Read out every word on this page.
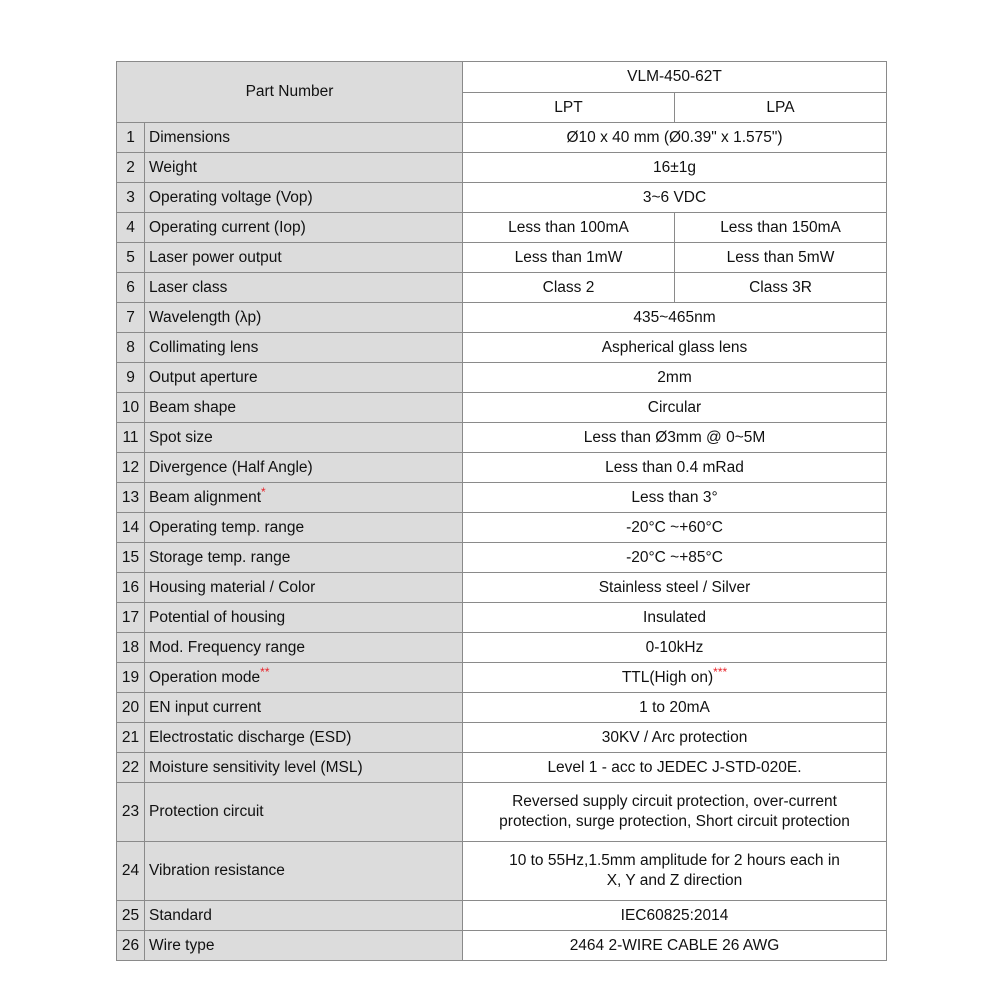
Part Number		VLM-450-62T	
		LPT	LPA
1	Dimensions	Ø10 x 40 mm (Ø0.39" x 1.575")	
2	Weight	16±1g	
3	Operating voltage (Vop)	3~6 VDC	
4	Operating current (Iop)	Less than 100mA	Less than 150mA
5	Laser power output	Less than 1mW	Less than 5mW
6	Laser class	Class 2	Class 3R
7	Wavelength (λp)	435~465nm	
8	Collimating lens	Aspherical glass lens	
9	Output aperture	2mm	
10	Beam shape	Circular	
11	Spot size	Less than Ø3mm @ 0~5M	
12	Divergence (Half Angle)	Less than 0.4 mRad	
13	Beam alignment*	Less than 3°	
14	Operating temp. range	-20°C ~+60°C	
15	Storage temp. range	-20°C ~+85°C	
16	Housing material / Color	Stainless steel / Silver	
17	Potential of housing	Insulated	
18	Mod. Frequency range	0-10kHz	
19	Operation mode**	TTL(High on)***
20	EN input current	1 to 20mA	
21	Electrostatic discharge (ESD)	30KV / Arc protection	
22	Moisture sensitivity level (MSL)	Level 1 - acc to JEDEC J-STD-020E.	
23	Protection circuit	Reversed supply circuit protection, over-current
protection, surge protection, Short circuit protection	

24	Vibration resistance	10 to 55Hz,1.5mm amplitude for 2 hours each in
X, Y and Z direction	

25	Standard	IEC60825:2014	
26	Wire type	2464 2-WIRE CABLE 26 AWG	
